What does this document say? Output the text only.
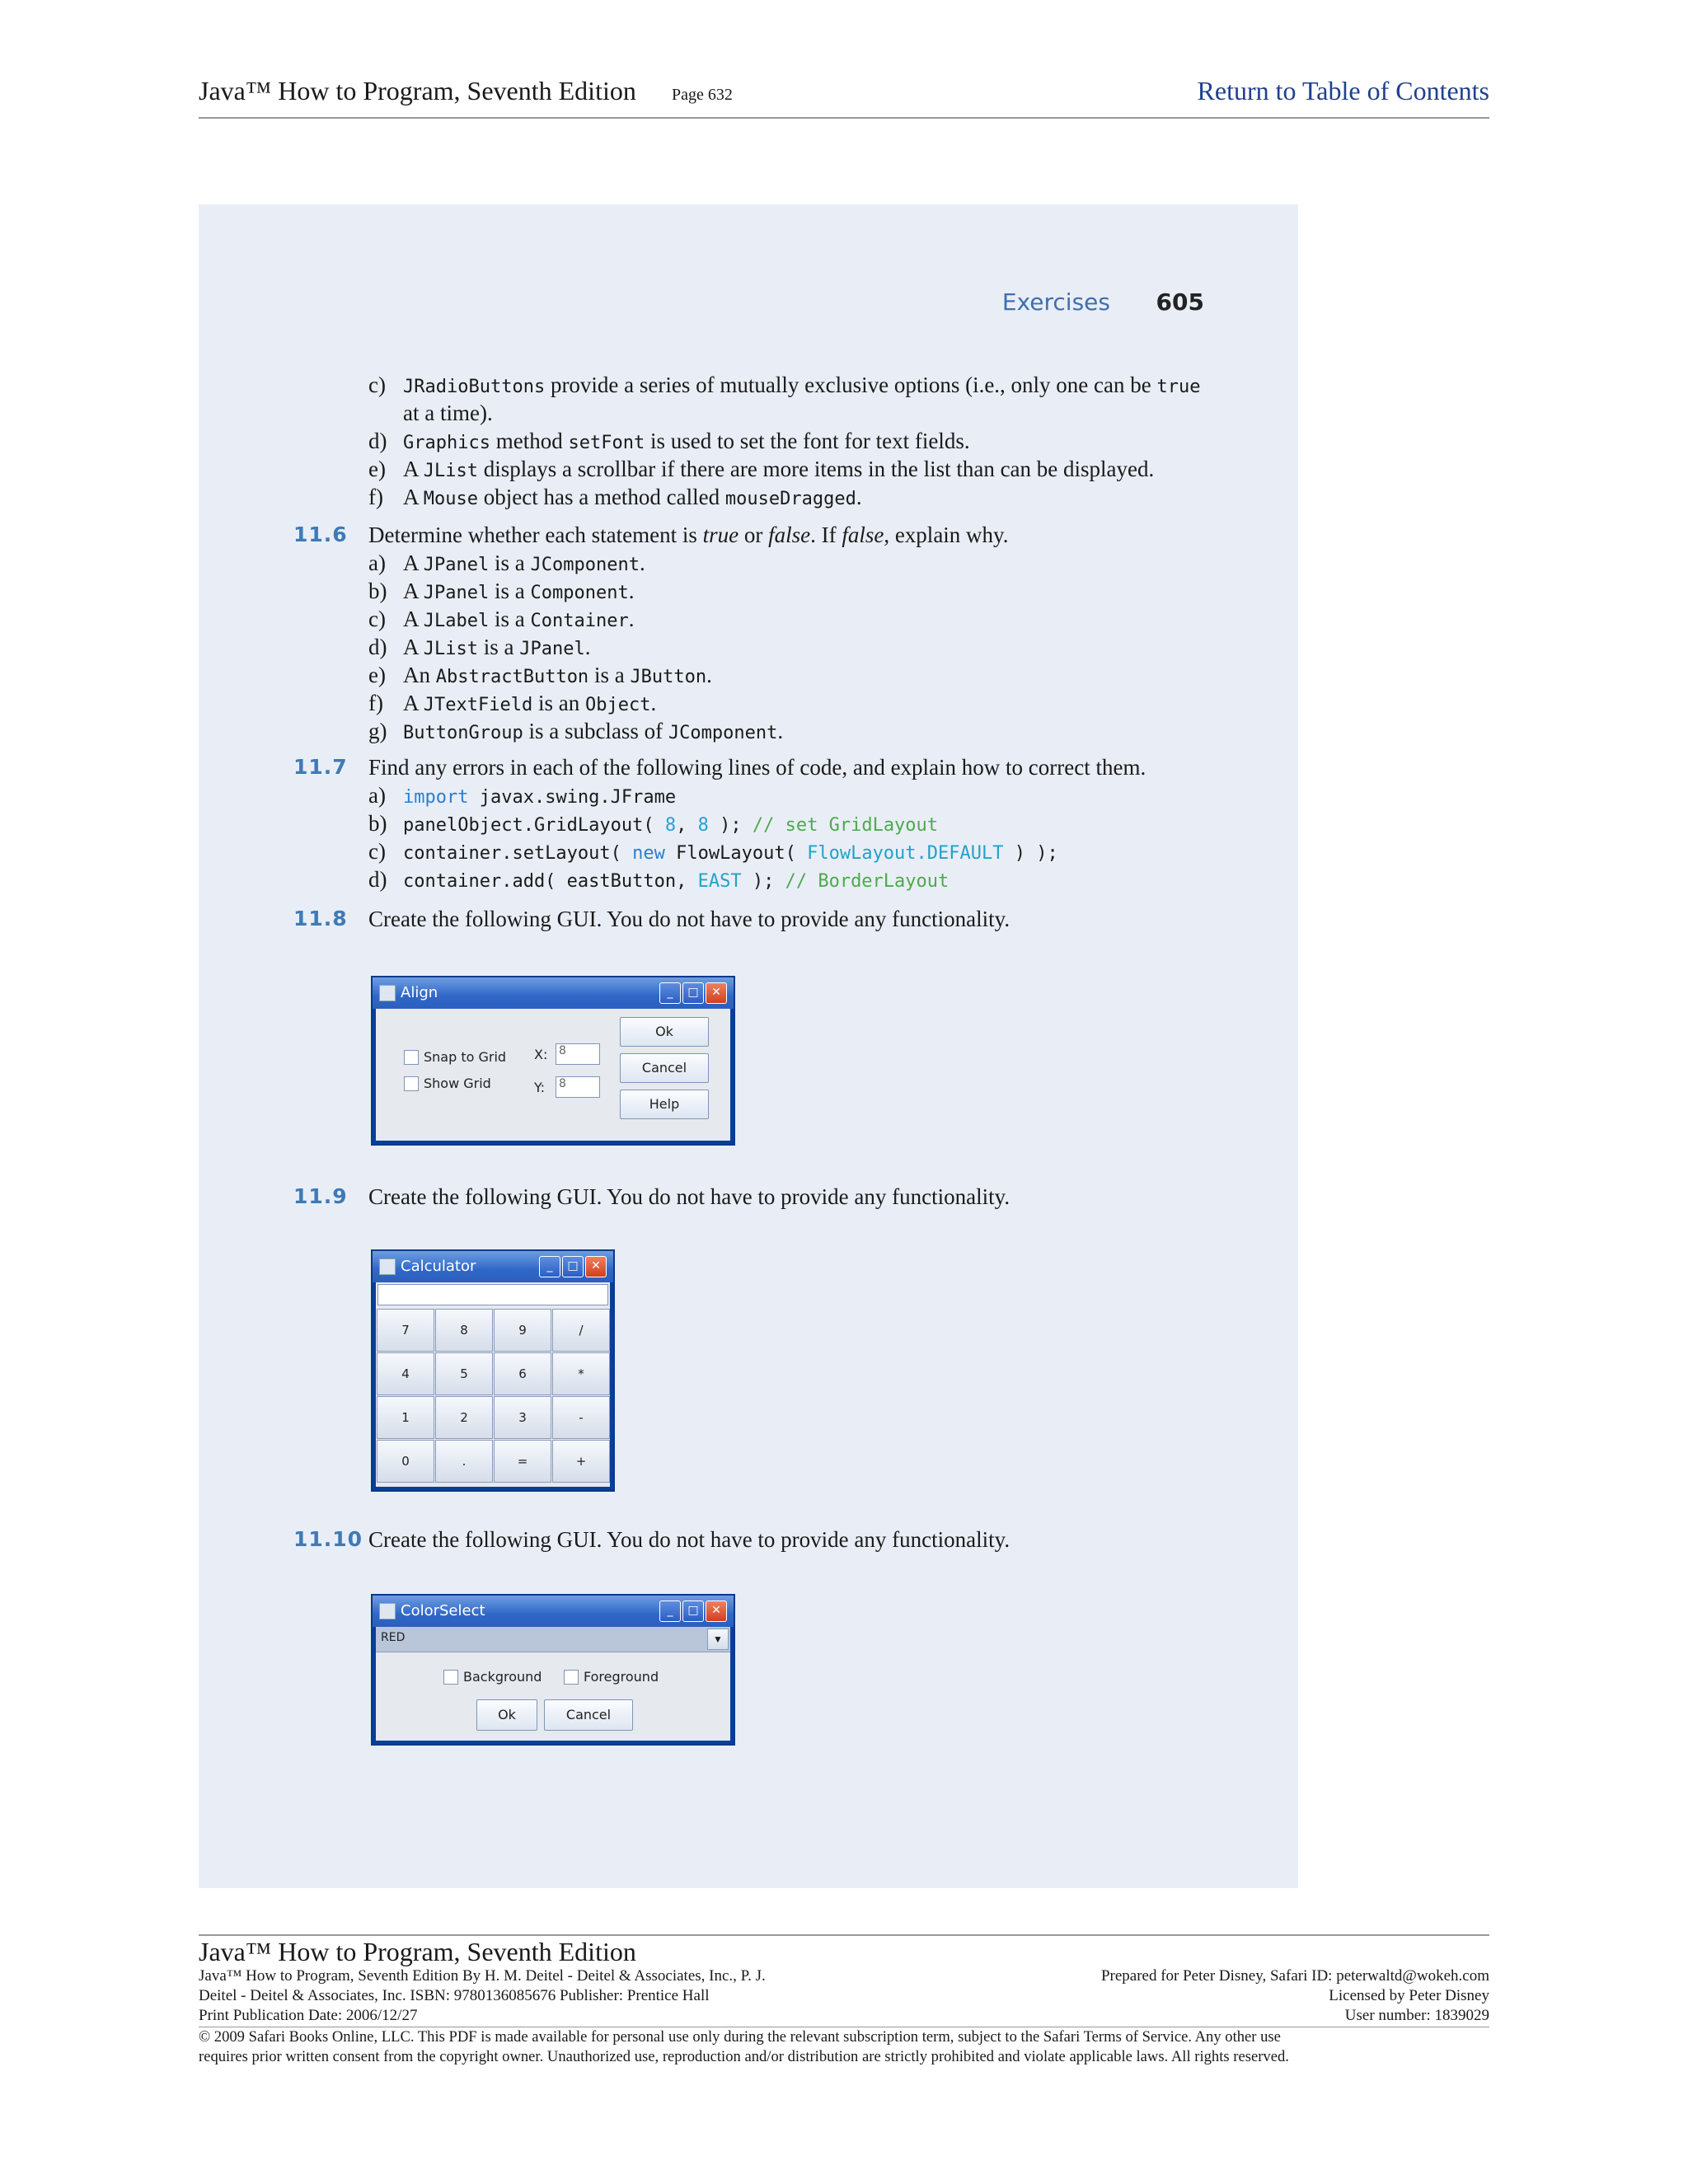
Java™ How to Program, Seventh Edition Page 632	Return to Table of Contents
Exercises 605
c) JRadioButtons provide a series of mutually exclusive options (i.e., only one can be true
at a time).
d) Graphics method setFont is used to set the font for text fields.
e) A JList displays a scrollbar if there are more items in the list than can be displayed.
f) A Mouse object has a method called mouseDragged.
11.6 Determine whether each statement is true or false. If false, explain why.
a) A JPanel is a JComponent.
b) A JPanel is a Component.
c) A JLabel is a Container.
d) A JList is a JPanel.
e) An AbstractButton is a JButton.
f) A JTextField is an Object.
g) ButtonGroup is a subclass of JComponent.
11.7 Find any errors in each of the following lines of code, and explain how to correct them.
a) import javax.swing.JFrame
b) panelObject.GridLayout( 8, 8 ); // set GridLayout
c) container.setLayout( new FlowLayout( FlowLayout.DEFAULT ) );
d) container.add( eastButton, EAST ); // BorderLayout
11.8 Create the following GUI. You do not have to provide any functionality.
Align	_	□	✕
Snap to Grid
Show Grid
X: 8
Y: 8
Ok
Cancel
Help
11.9 Create the following GUI. You do not have to provide any functionality.
Calculator	_	□	✕
7	8	9	/
4	5	6	*
1	2	3	-
0	.	=	+
11.10 Create the following GUI. You do not have to provide any functionality.
ColorSelect	_	□	✕
RED	▼
Background	Foreground
Ok	Cancel
Java™ How to Program, Seventh Edition
Java™ How to Program, Seventh Edition By H. M. Deitel - Deitel & Associates, Inc., P. J.
Deitel - Deitel & Associates, Inc. ISBN: 9780136085676 Publisher: Prentice Hall
Print Publication Date: 2006/12/27
Prepared for Peter Disney, Safari ID: peterwaltd@wokeh.com
Licensed by Peter Disney
User number: 1839029
© 2009 Safari Books Online, LLC. This PDF is made available for personal use only during the relevant subscription term, subject to the Safari Terms of Service. Any other use
requires prior written consent from the copyright owner. Unauthorized use, reproduction and/or distribution are strictly prohibited and violate applicable laws. All rights reserved.
